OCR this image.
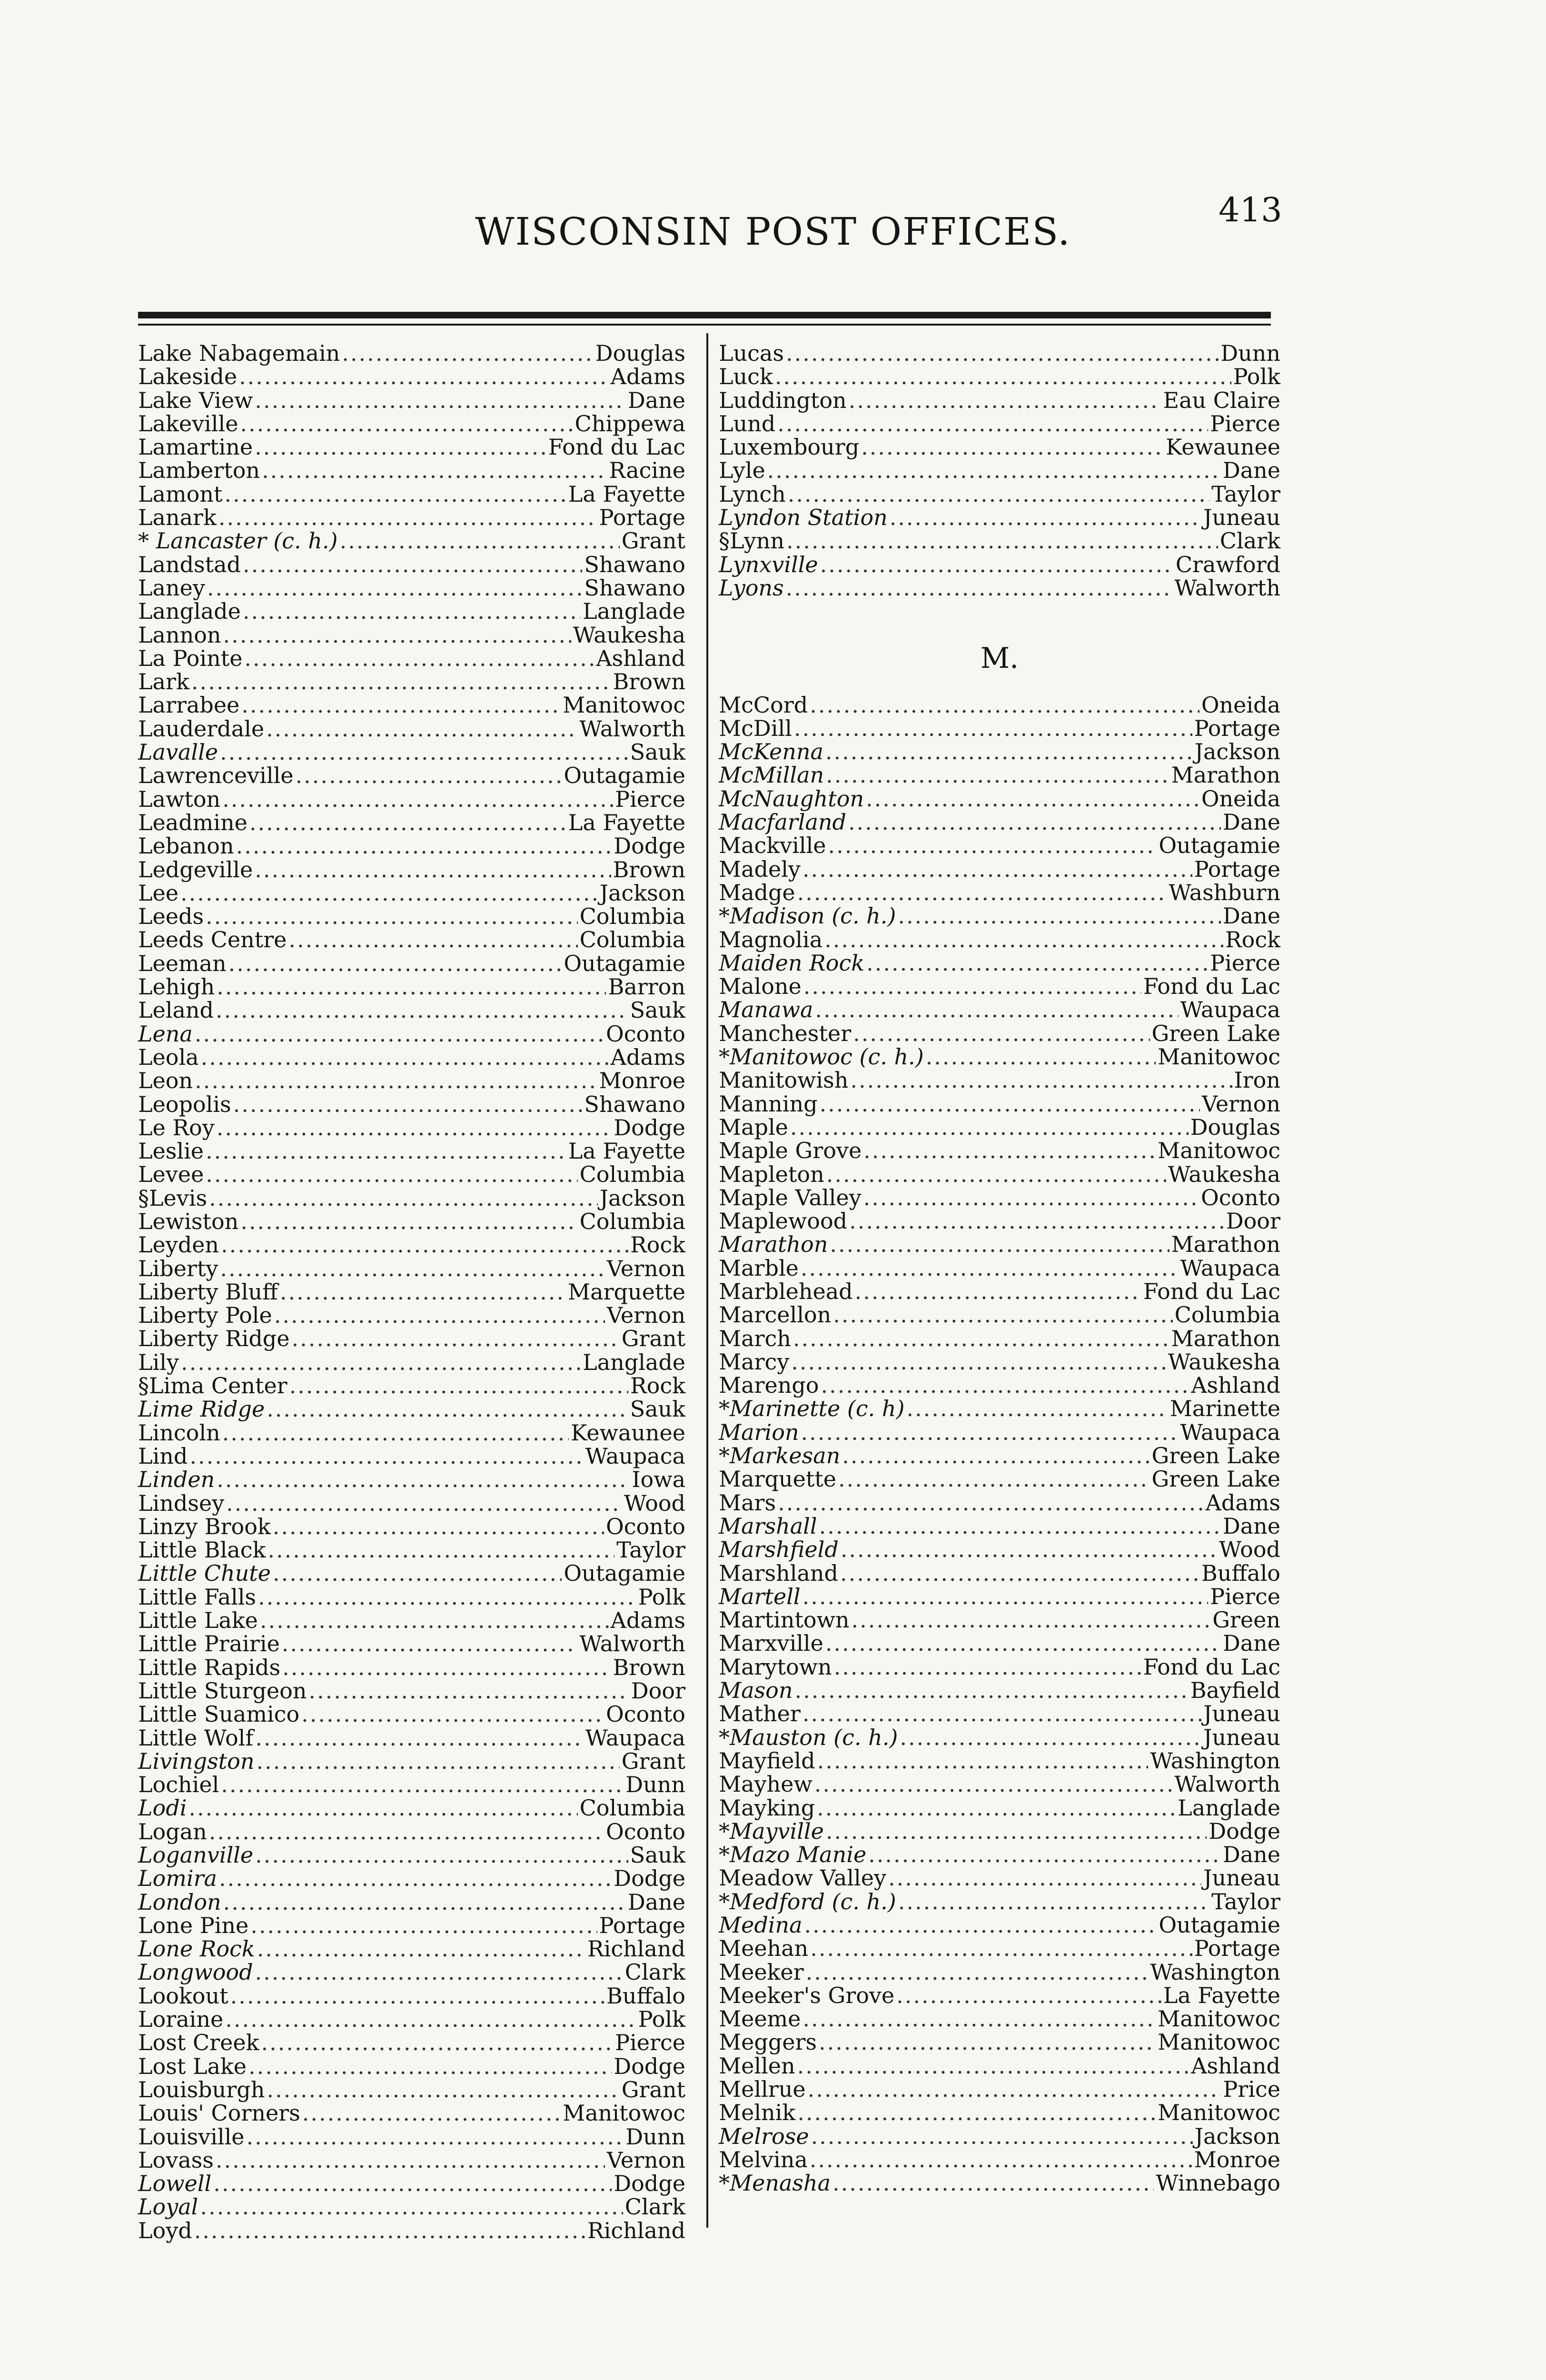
413
WISCONSIN POST OFFICES.
Lake Nabagemain .....	Douglas
Lakeside .....	Adams
Lake View .....	Dane
Lakeville .....	Chippewa
Lamartine .....	Fond du Lac
Lamberton .....	Racine
Lamont .....	La Fayette
Lanark .....	Portage
* Lancaster (c. h.) .....	Grant
Landstad .....	Shawano
Laney .....	Shawano
Langlade .....	Langlade
Lannon .....	Waukesha
La Pointe .....	Ashland
Lark .....	Brown
Larrabee .....	Manitowoc
Lauderdale .....	Walworth
Lavalle .....	Sauk
Lawrenceville .....	Outagamie
Lawton .....	Pierce
Leadmine .....	La Fayette
Lebanon .....	Dodge
Ledgeville .....	Brown
Lee .....	Jackson
Leeds .....	Columbia
Leeds Centre .....	Columbia
Leeman .....	Outagamie
Lehigh .....	Barron
Leland .....	Sauk
Lena .....	Oconto
Leola .....	Adams
Leon .....	Monroe
Leopolis .....	Shawano
Le Roy .....	Dodge
Leslie .....	La Fayette
Levee .....	Columbia
§Levis .....	Jackson
Lewiston .....	Columbia
Leyden .....	Rock
Liberty .....	Vernon
Liberty Bluff .....	Marquette
Liberty Pole .....	Vernon
Liberty Ridge .....	Grant
Lily .....	Langlade
§Lima Center .....	Rock
Lime Ridge .....	Sauk
Lincoln .....	Kewaunee
Lind .....	Waupaca
Linden .....	Iowa
Lindsey .....	Wood
Linzy Brook .....	Oconto
Little Black .....	Taylor
Little Chute .....	Outagamie
Little Falls .....	Polk
Little Lake .....	Adams
Little Prairie .....	Walworth
Little Rapids .....	Brown
Little Sturgeon .....	Door
Little Suamico .....	Oconto
Little Wolf .....	Waupaca
Livingston .....	Grant
Lochiel .....	Dunn
Lodi .....	Columbia
Logan .....	Oconto
Loganville .....	Sauk
Lomira .....	Dodge
London .....	Dane
Lone Pine .....	Portage
Lone Rock .....	Richland
Longwood .....	Clark
Lookout .....	Buffalo
Loraine .....	Polk
Lost Creek .....	Pierce
Lost Lake .....	Dodge
Louisburgh .....	Grant
Louis' Corners .....	Manitowoc
Louisville .....	Dunn
Lovass .....	Vernon
Lowell .....	Dodge
Loyal .....	Clark
Loyd .....	Richland
Lucas .....	Dunn
Luck .....	Polk
Luddington .....	Eau Claire
Lund .....	Pierce
Luxembourg .....	Kewaunee
Lyle .....	Dane
Lynch .....	Taylor
Lyndon Station .....	Juneau
§Lynn .....	Clark
Lynxville .....	Crawford
Lyons .....	Walworth
M.
McCord .....	Oneida
McDill .....	Portage
McKenna .....	Jackson
McMillan .....	Marathon
McNaughton .....	Oneida
Macfarland .....	Dane
Mackville .....	Outagamie
Madely .....	Portage
Madge .....	Washburn
*Madison (c. h.) .....	Dane
Magnolia .....	Rock
Maiden Rock .....	Pierce
Malone .....	Fond du Lac
Manawa .....	Waupaca
Manchester .....	Green Lake
*Manitowoc (c. h.) .....	Manitowoc
Manitowish .....	Iron
Manning .....	Vernon
Maple .....	Douglas
Maple Grove .....	Manitowoc
Mapleton .....	Waukesha
Maple Valley .....	Oconto
Maplewood .....	Door
Marathon .....	Marathon
Marble .....	Waupaca
Marblehead .....	Fond du Lac
Marcellon .....	Columbia
March .....	Marathon
Marcy .....	Waukesha
Marengo .....	Ashland
*Marinette (c. h) .....	Marinette
Marion .....	Waupaca
*Markesan .....	Green Lake
Marquette .....	Green Lake
Mars .....	Adams
Marshall .....	Dane
Marshfield .....	Wood
Marshland .....	Buffalo
Martell .....	Pierce
Martintown .....	Green
Marxville .....	Dane
Marytown .....	Fond du Lac
Mason .....	Bayfield
Mather .....	Juneau
*Mauston (c. h.) .....	Juneau
Mayfield .....	Washington
Mayhew .....	Walworth
Mayking .....	Langlade
*Mayville .....	Dodge
*Mazo Manie .....	Dane
Meadow Valley .....	Juneau
*Medford (c. h.) .....	Taylor
Medina .....	Outagamie
Meehan .....	Portage
Meeker .....	Washington
Meeker's Grove .....	La Fayette
Meeme .....	Manitowoc
Meggers .....	Manitowoc
Mellen .....	Ashland
Mellrue .....	Price
Melnik .....	Manitowoc
Melrose .....	Jackson
Melvina .....	Monroe
*Menasha .....	Winnebago
